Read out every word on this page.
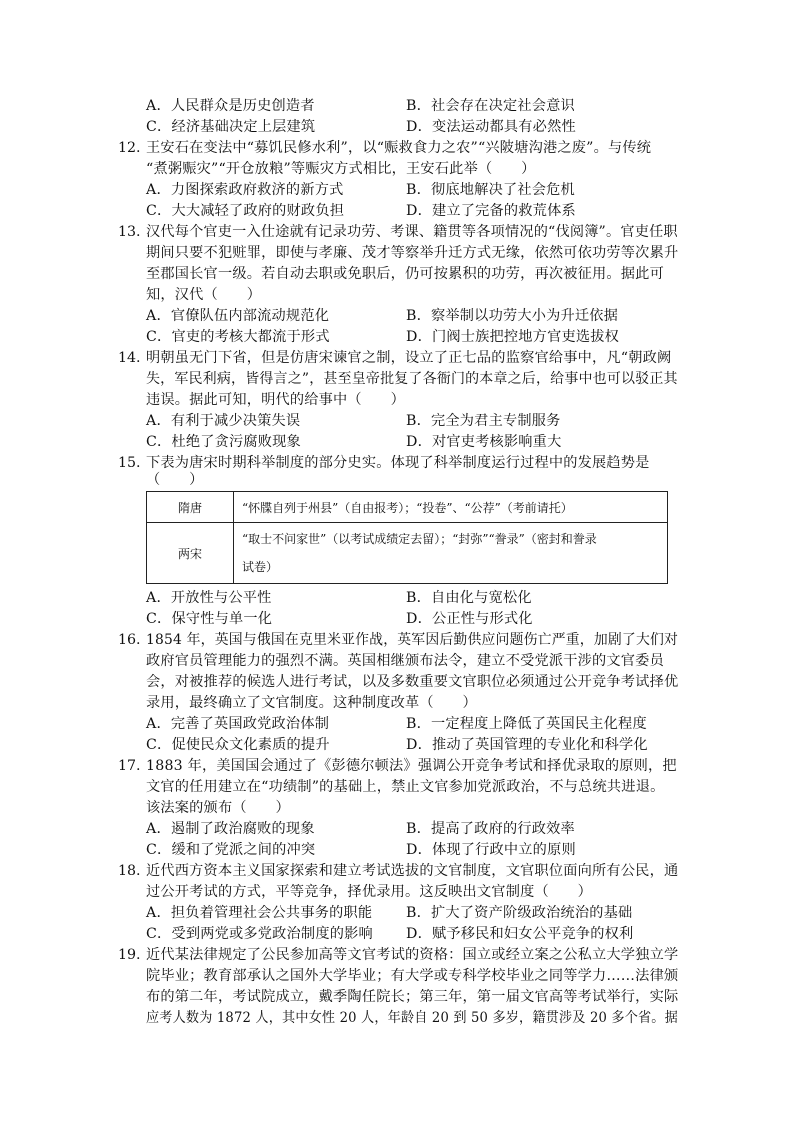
A．人民群众是历史创造者	B．社会存在决定社会意识
C．经济基础决定上层建筑	D．变法运动都具有必然性
12. 王安石在变法中“募饥民修水利”，以“赈救食力之农”“兴陂塘沟港之废”。与传统
“煮粥赈灾”“开仓放粮”等赈灾方式相比，王安石此举（　　）
A．力图探索政府救济的新方式	B．彻底地解决了社会危机
C．大大减轻了政府的财政负担	D．建立了完备的救荒体系
13. 汉代每个官吏一入仕途就有记录功劳、考课、籍贯等各项情况的“伐阅簿”。官吏任职
期间只要不犯赃罪，即使与孝廉、茂才等察举升迁方式无缘，依然可依功劳等次累升
至郡国长官一级。若自动去职或免职后，仍可按累积的功劳，再次被征用。据此可
知，汉代（　　）
A．官僚队伍内部流动规范化	B．察举制以功劳大小为升迁依据
C．官吏的考核大都流于形式	D．门阀士族把控地方官吏选拔权
14. 明朝虽无门下省，但是仿唐宋谏官之制，设立了正七品的监察官给事中，凡“朝政阙
失，军民利病，皆得言之”，甚至皇帝批复了各衙门的本章之后，给事中也可以驳正其
违误。据此可知，明代的给事中（　　）
A．有利于减少决策失误	B．完全为君主专制服务
C．杜绝了贪污腐败现象	D．对官吏考核影响重大
15. 下表为唐宋时期科举制度的部分史实。体现了科举制度运行过程中的发展趋势是
（　　）
隋唐	“怀牒自列于州县”（自由报考）；“投卷”、“公荐”（考前请托）
两宋	“取士不问家世”（以考试成绩定去留）；“封弥”“誊录”（密封和誊录
试卷）
A．开放性与公平性	B．自由化与宽松化
C．保守性与单一化	D．公正性与形式化
16. 1854 年，英国与俄国在克里米亚作战，英军因后勤供应问题伤亡严重，加剧了大们对
政府官员管理能力的强烈不满。英国相继颁布法令，建立不受党派干涉的文官委员
会，对被推荐的候选人进行考试，以及多数重要文官职位必须通过公开竞争考试择优
录用，最终确立了文官制度。这种制度改革（　　）
A．完善了英国政党政治体制	B．一定程度上降低了英国民主化程度
C．促使民众文化素质的提升	D．推动了英国管理的专业化和科学化
17. 1883 年，美国国会通过了《彭德尔顿法》强调公开竞争考试和择优录取的原则，把
文官的任用建立在“功绩制”的基础上，禁止文官参加党派政治，不与总统共进退。
该法案的颁布（　　）
A．遏制了政治腐败的现象	B．提高了政府的行政效率
C．缓和了党派之间的冲突	D．体现了行政中立的原则
18. 近代西方资本主义国家探索和建立考试选拔的文官制度，文官职位面向所有公民，通
过公开考试的方式，平等竞争，择优录用。这反映出文官制度（　　）
A．担负着管理社会公共事务的职能 B．扩大了资产阶级政治统治的基础
C．受到两党或多党政治制度的影响 D．赋予移民和妇女公平竞争的权利
19. 近代某法律规定了公民参加高等文官考试的资格：国立或经立案之公私立大学独立学
院毕业；教育部承认之国外大学毕业；有大学或专科学校毕业之同等学力……法律颁
布的第二年，考试院成立，戴季陶任院长；第三年，第一届文官高等考试举行，实际
应考人数为 1872 人，其中女性 20 人，年龄自 20 到 50 多岁，籍贯涉及 20 多个省。据
